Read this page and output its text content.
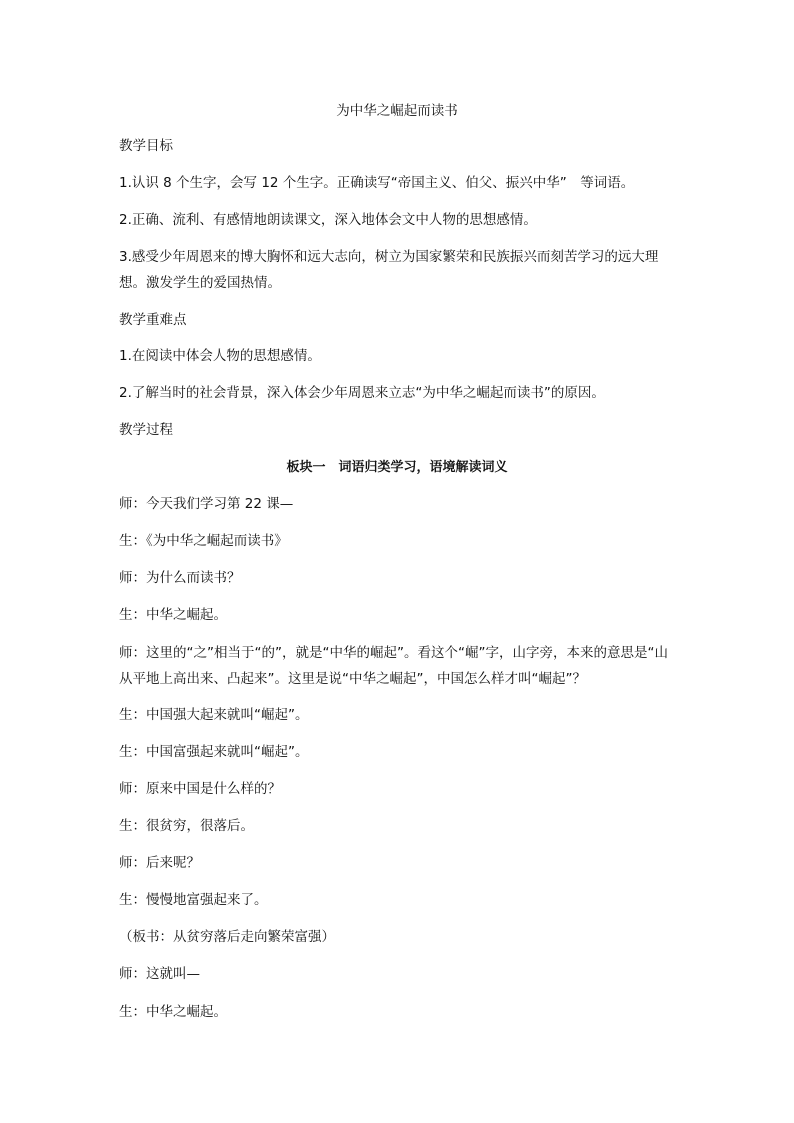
为中华之崛起而读书
教学目标
1.认识 8 个生字，会写 12 个生字。正确读写“帝国主义、伯父、振兴中华”　等词语。
2.正确、流利、有感情地朗读课文，深入地体会文中人物的思想感情。
3.感受少年周恩来的博大胸怀和远大志向，树立为国家繁荣和民族振兴而刻苦学习的远大理想。激发学生的爱国热情。
教学重难点
1.在阅读中体会人物的思想感情。
2.了解当时的社会背景，深入体会少年周恩来立志“为中华之崛起而读书”的原因。
教学过程
板块一　词语归类学习，语境解读词义
师：今天我们学习第 22 课—
生：《为中华之崛起而读书》
师：为什么而读书？
生：中华之崛起。
师：这里的“之”相当于“的”，就是“中华的崛起”。看这个“崛”字，山字旁，本来的意思是“山从平地上高出来、凸起来”。这里是说“中华之崛起”，中国怎么样才叫“崛起”？
生：中国强大起来就叫“崛起”。
生：中国富强起来就叫“崛起”。
师：原来中国是什么样的？
生：很贫穷，很落后。
师：后来呢？
生：慢慢地富强起来了。
（板书：从贫穷落后走向繁荣富强）
师：这就叫—
生：中华之崛起。
